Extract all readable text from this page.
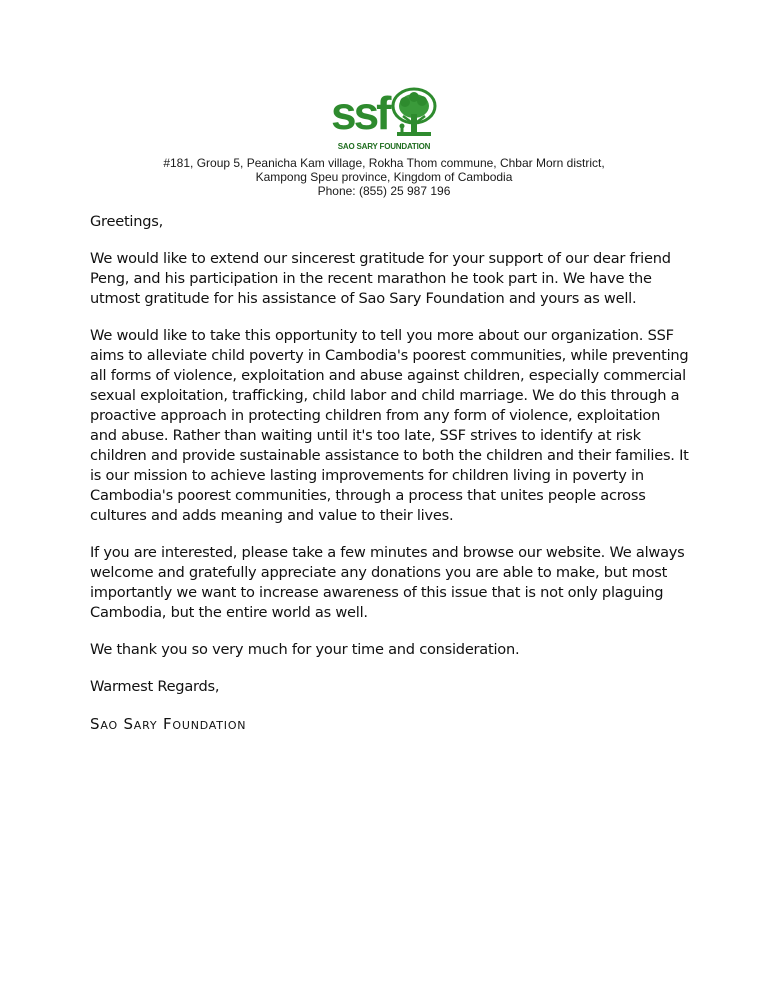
ssf
SAO SARY FOUNDATION
#181, Group 5, Peanicha Kam village, Rokha Thom commune, Chbar Morn district,
Kampong Speu province, Kingdom of Cambodia
Phone: (855) 25 987 196

Greetings,

We would like to extend our sincerest gratitude for your support of our dear friend Peng, and his participation in the recent marathon he took part in. We have the utmost gratitude for his assistance of Sao Sary Foundation and yours as well.

We would like to take this opportunity to tell you more about our organization. SSF aims to alleviate child poverty in Cambodia's poorest communities, while preventing all forms of violence, exploitation and abuse against children, especially commercial sexual exploitation, trafficking, child labor and child marriage. We do this through a proactive approach in protecting children from any form of violence, exploitation and abuse. Rather than waiting until it's too late, SSF strives to identify at risk children and provide sustainable assistance to both the children and their families. It is our mission to achieve lasting improvements for children living in poverty in Cambodia's poorest communities, through a process that unites people across cultures and adds meaning and value to their lives.

If you are interested, please take a few minutes and browse our website. We always welcome and gratefully appreciate any donations you are able to make, but most importantly we want to increase awareness of this issue that is not only plaguing Cambodia, but the entire world as well.

We thank you so very much for your time and consideration.

Warmest Regards,

Sao Sary Foundation
